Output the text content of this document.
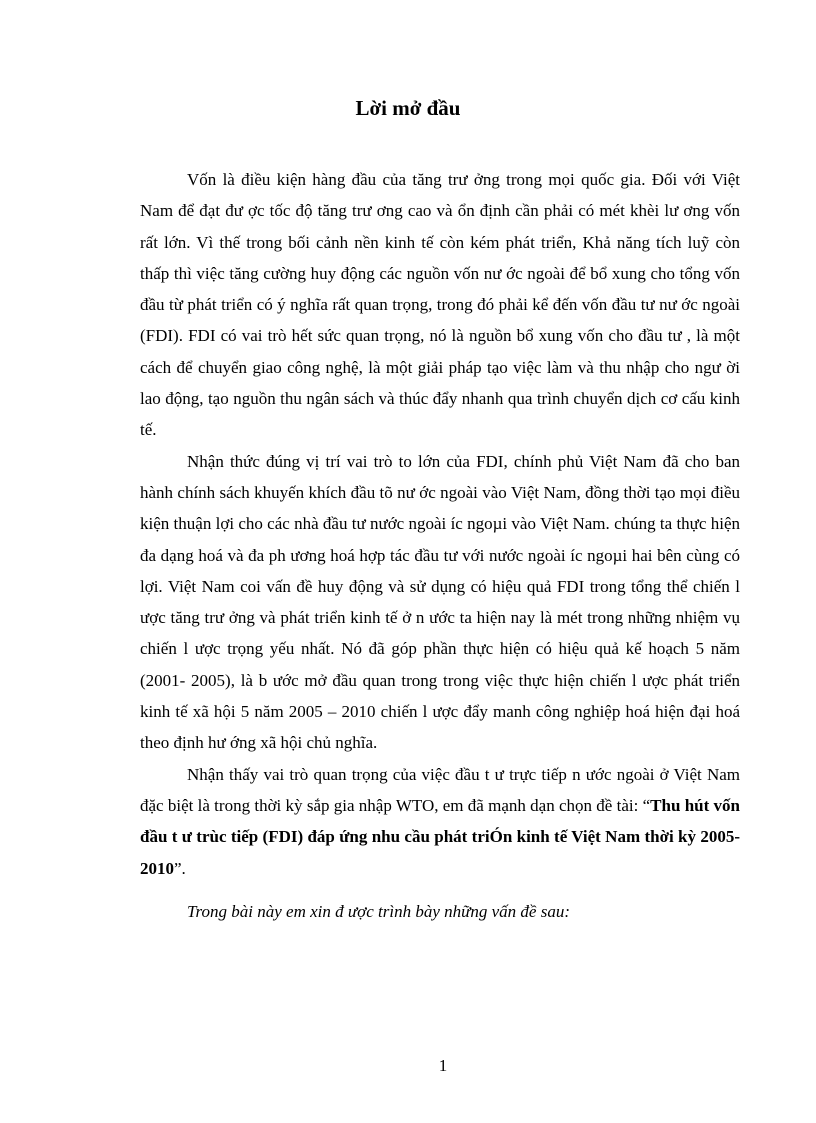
Lời mở đầu

Vốn là điều kiện hàng đầu của tăng trư ởng trong mọi quốc gia. Đối với Việt Nam để đạt đư ợc tốc độ tăng trư ơng cao và ổn định cần phải có mét khèi lư ơng vốn rất lớn. Vì thế trong bối cảnh nền kinh tế còn kém phát triển, Khả năng tích luỹ còn thấp thì việc tăng cường huy động các nguồn vốn nư ớc ngoài để bổ xung cho tổng vốn đầu từ phát triển có ý nghĩa rất quan trọng, trong đó phải kể đến vốn đầu tư nư ớc ngoài (FDI). FDI có vai trò hết sức quan trọng, nó là nguồn bổ xung vốn cho đầu tư , là một cách để chuyển giao công nghệ, là một giải pháp tạo việc làm và thu nhập cho ngư ời lao động, tạo nguồn thu ngân sách và thúc đẩy nhanh qua trình chuyển dịch cơ cấu kinh tế.

Nhận thức đúng vị trí vai trò to lớn của FDI, chính phủ Việt Nam đã cho ban hành chính sách khuyến khích đầu tõ nư ớc ngoài vào Việt Nam, đồng thời tạo mọi điều kiện thuận lợi cho các nhà đầu tư nước ngoài íc ngoµi vào Việt Nam. chúng ta thực hiện đa dạng hoá và đa ph ương hoá hợp tác đầu tư với nước ngoài íc ngoµi hai bên cùng có lợi. Việt Nam coi vấn đề huy động và sử dụng có hiệu quả FDI trong tổng thể chiến l ược tăng trư ởng và phát triển kinh tế ở n ước ta hiện nay là mét trong những nhiệm vụ chiến l ược trọng yếu nhất. Nó đã góp phần thực hiện có hiệu quả kế hoạch 5 năm (2001- 2005), là b ước mở đầu quan trong trong việc thực hiện chiến l ược phát triển kinh tế xã hội 5 năm 2005 – 2010 chiến l ược đẩy manh công nghiệp hoá hiện đại hoá theo định hư ớng xã hội chủ nghĩa.

Nhận thấy vai trò quan trọng của việc đầu t ư trực tiếp n ước ngoài ở Việt Nam đặc biệt là trong thời kỳ sắp gia nhập WTO, em đã mạnh dạn chọn đề tài: “Thu hút vốn đầu t ư trùc tiếp (FDI) đáp ứng nhu cầu phát triÓn kinh tế Việt Nam thời kỳ 2005- 2010”.

Trong bài này em xin đ ược trình bày những vấn đề sau:

1
